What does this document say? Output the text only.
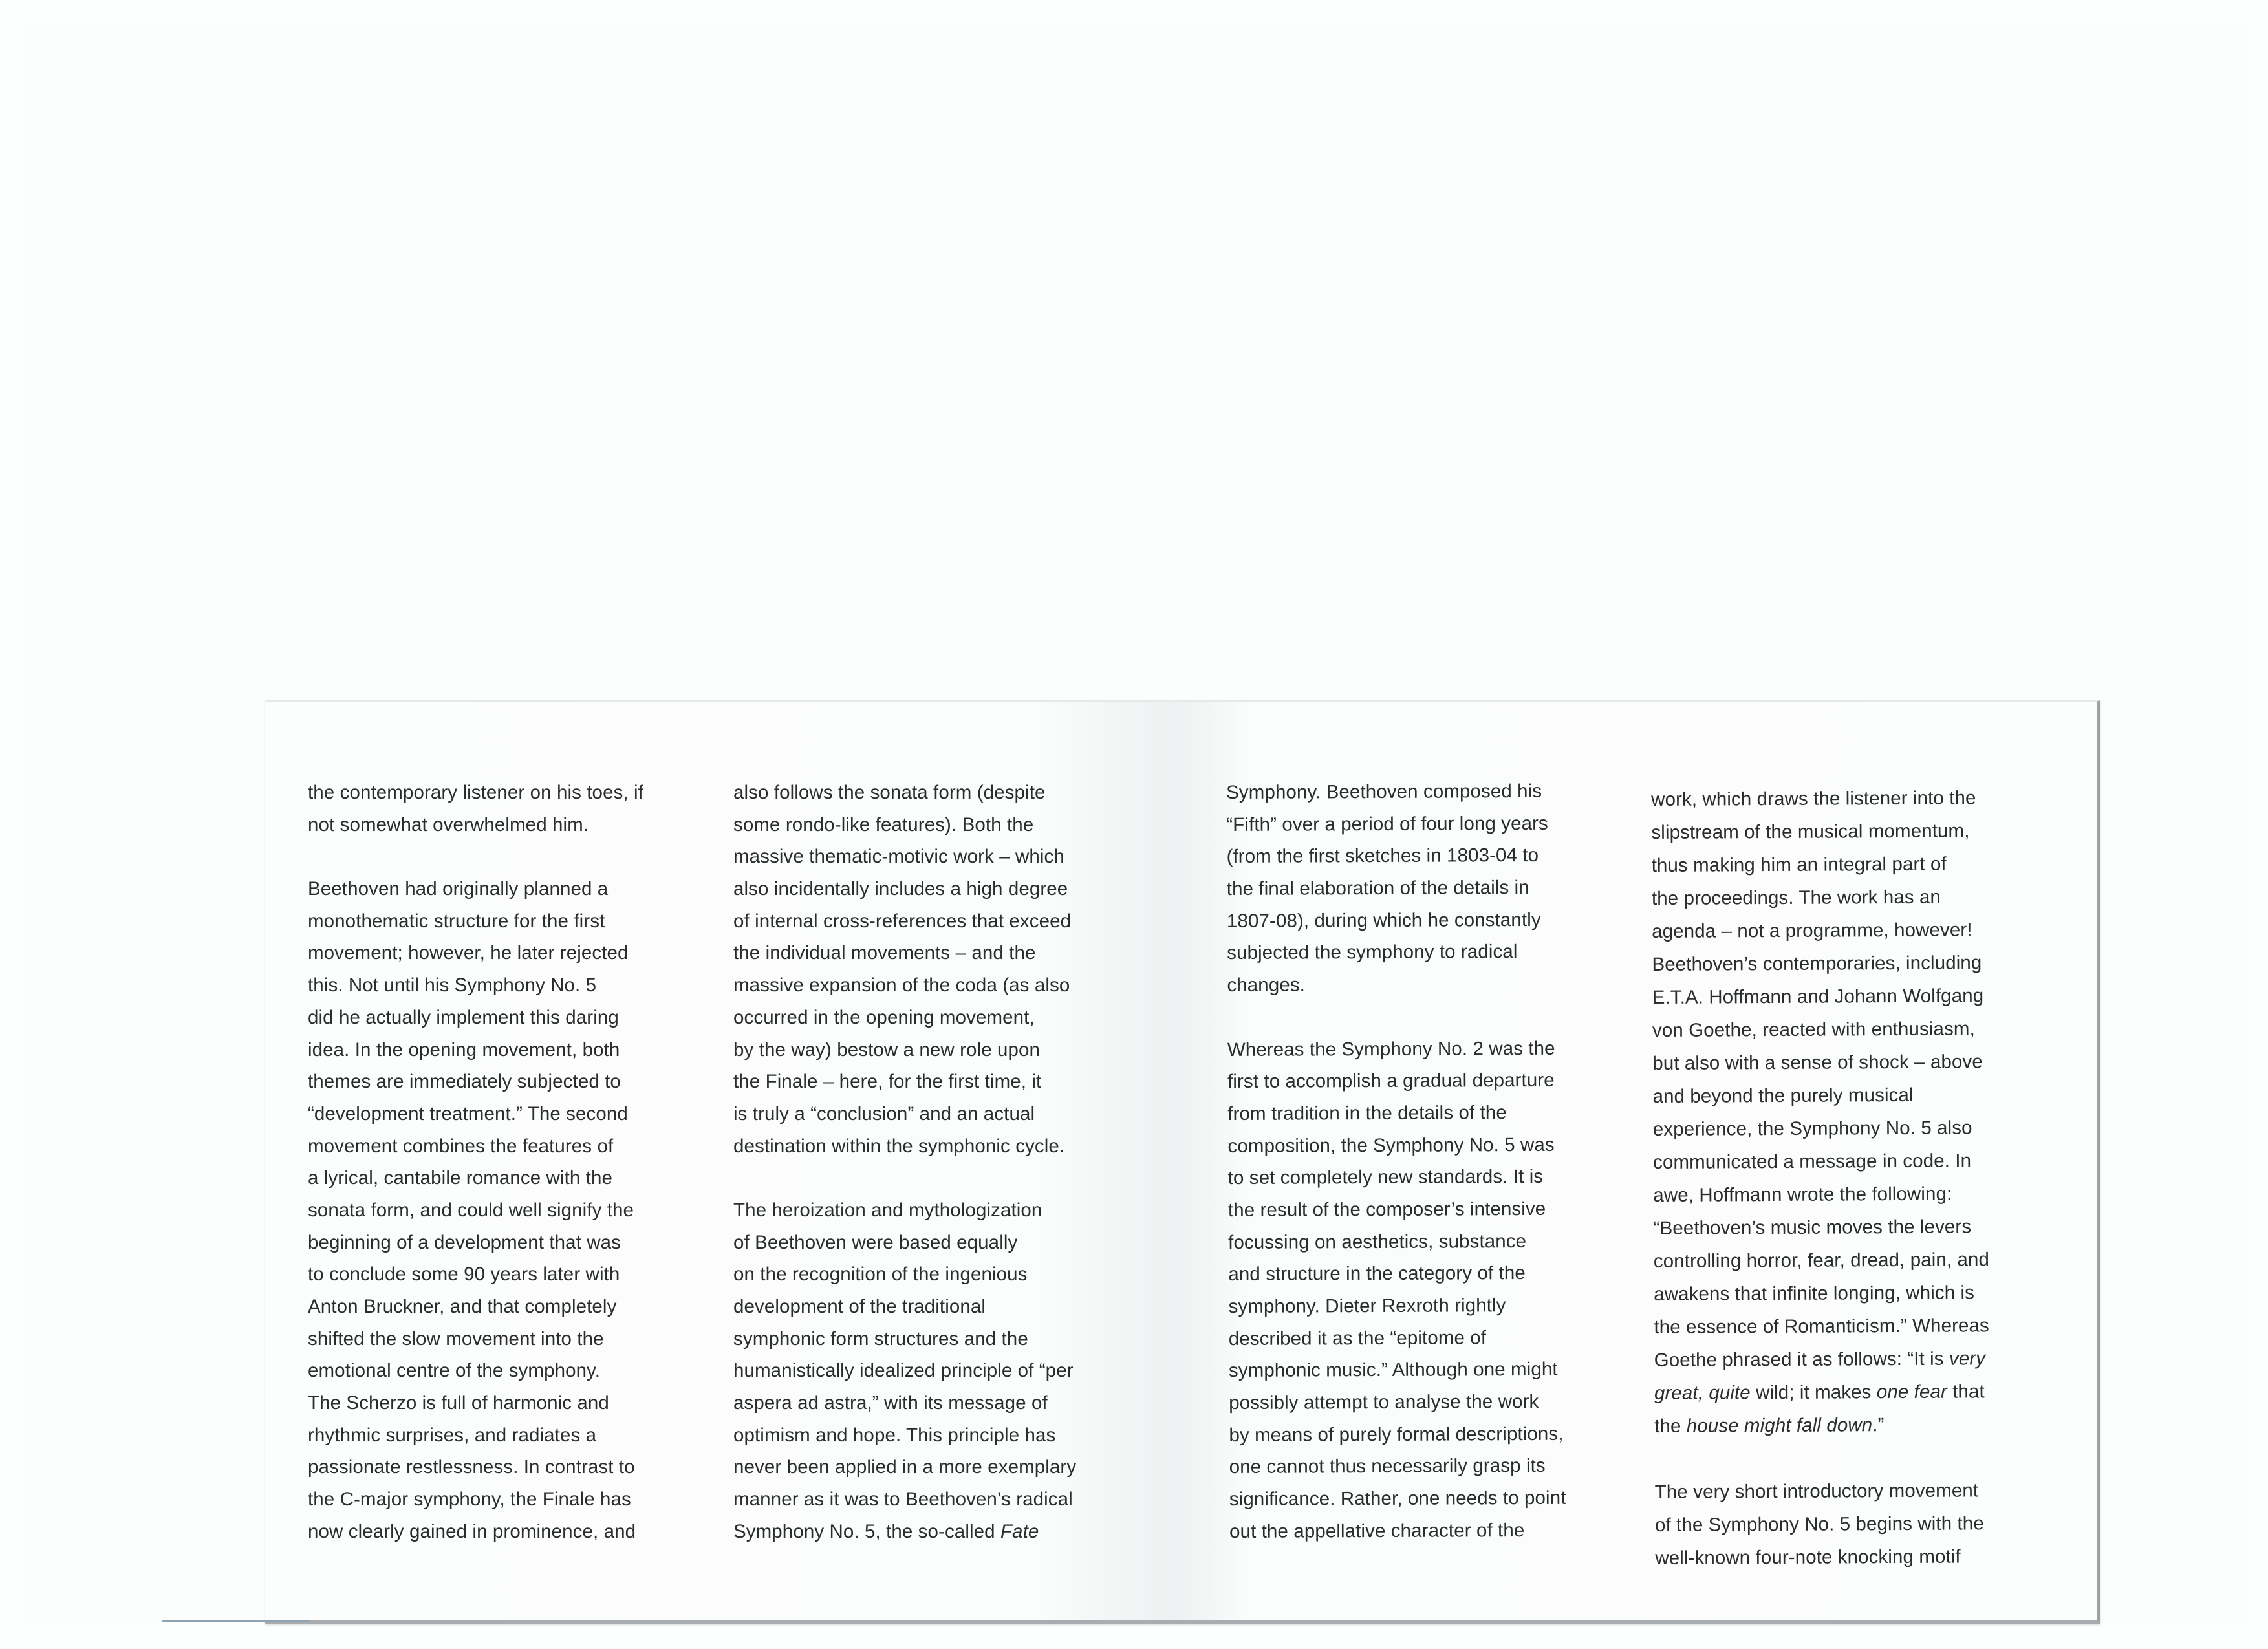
the contemporary listener on his toes, if
not somewhat overwhelmed him.
Beethoven had originally planned a
monothematic structure for the first
movement; however, he later rejected
this. Not until his Symphony No. 5
did he actually implement this daring
idea. In the opening movement, both
themes are immediately subjected to
“development treatment.” The second
movement combines the features of
a lyrical, cantabile romance with the
sonata form, and could well signify the
beginning of a development that was
to conclude some 90 years later with
Anton Bruckner, and that completely
shifted the slow movement into the
emotional centre of the symphony.
The Scherzo is full of harmonic and
rhythmic surprises, and radiates a
passionate restlessness. In contrast to
the C-major symphony, the Finale has
now clearly gained in prominence, and
also follows the sonata form (despite
some rondo-like features). Both the
massive thematic-motivic work – which
also incidentally includes a high degree
of internal cross-references that exceed
the individual movements – and the
massive expansion of the coda (as also
occurred in the opening movement,
by the way) bestow a new role upon
the Finale – here, for the first time, it
is truly a “conclusion” and an actual
destination within the symphonic cycle.
The heroization and mythologization
of Beethoven were based equally
on the recognition of the ingenious
development of the traditional
symphonic form structures and the
humanistically idealized principle of “per
aspera ad astra,” with its message of
optimism and hope. This principle has
never been applied in a more exemplary
manner as it was to Beethoven’s radical
Symphony No. 5, the so-called Fate
Symphony. Beethoven composed his
“Fifth” over a period of four long years
(from the first sketches in 1803-04 to
the final elaboration of the details in
1807-08), during which he constantly
subjected the symphony to radical
changes.
Whereas the Symphony No. 2 was the
first to accomplish a gradual departure
from tradition in the details of the
composition, the Symphony No. 5 was
to set completely new standards. It is
the result of the composer’s intensive
focussing on aesthetics, substance
and structure in the category of the
symphony. Dieter Rexroth rightly
described it as the “epitome of
symphonic music.” Although one might
possibly attempt to analyse the work
by means of purely formal descriptions,
one cannot thus necessarily grasp its
significance. Rather, one needs to point
out the appellative character of the
work, which draws the listener into the
slipstream of the musical momentum,
thus making him an integral part of
the proceedings. The work has an
agenda – not a programme, however!
Beethoven’s contemporaries, including
E.T.A. Hoffmann and Johann Wolfgang
von Goethe, reacted with enthusiasm,
but also with a sense of shock – above
and beyond the purely musical
experience, the Symphony No. 5 also
communicated a message in code. In
awe, Hoffmann wrote the following:
“Beethoven’s music moves the levers
controlling horror, fear, dread, pain, and
awakens that infinite longing, which is
the essence of Romanticism.” Whereas
Goethe phrased it as follows: “It is very
great, quite wild; it makes one fear that
the house might fall down.”
The very short introductory movement
of the Symphony No. 5 begins with the
well-known four-note knocking motif
